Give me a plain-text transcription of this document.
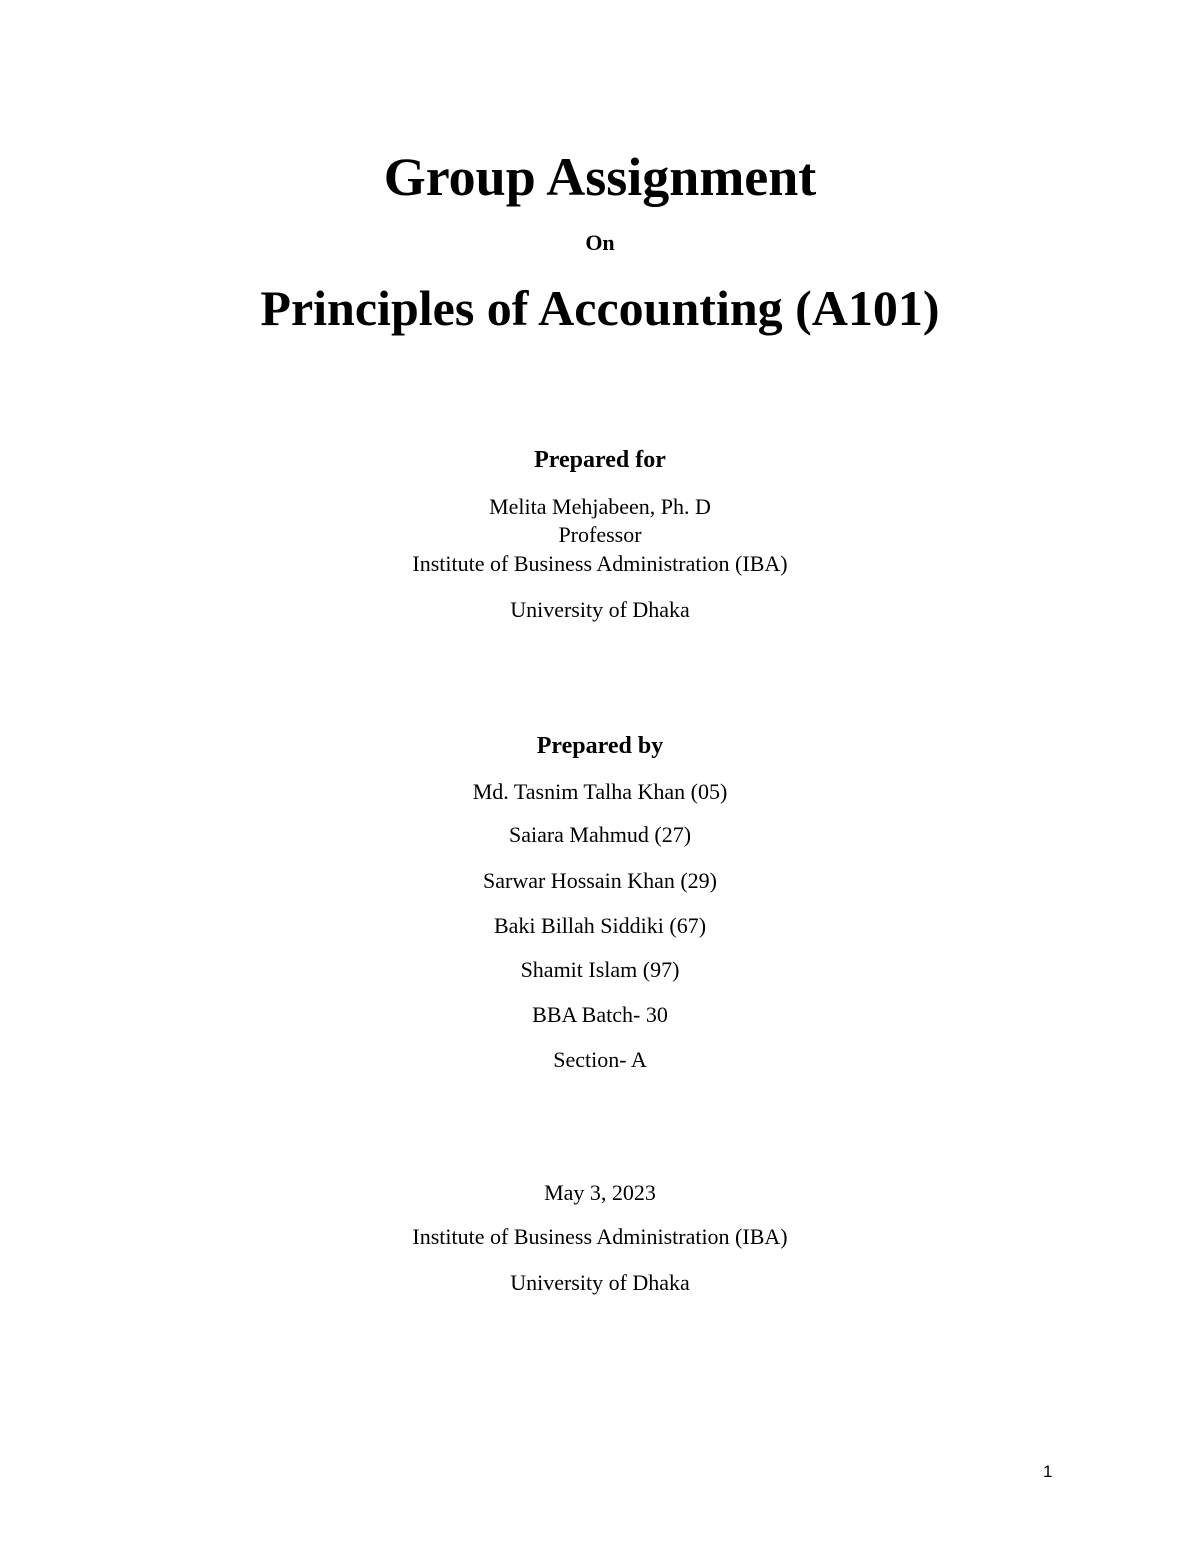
Group Assignment
On
Principles of Accounting (A101)
Prepared for
Melita Mehjabeen, Ph. D
Professor
Institute of Business Administration (IBA)
University of Dhaka
Prepared by
Md. Tasnim Talha Khan (05)
Saiara Mahmud (27)
Sarwar Hossain Khan (29)
Baki Billah Siddiki (67)
Shamit Islam (97)
BBA Batch- 30
Section- A
May 3, 2023
Institute of Business Administration (IBA)
University of Dhaka
1
